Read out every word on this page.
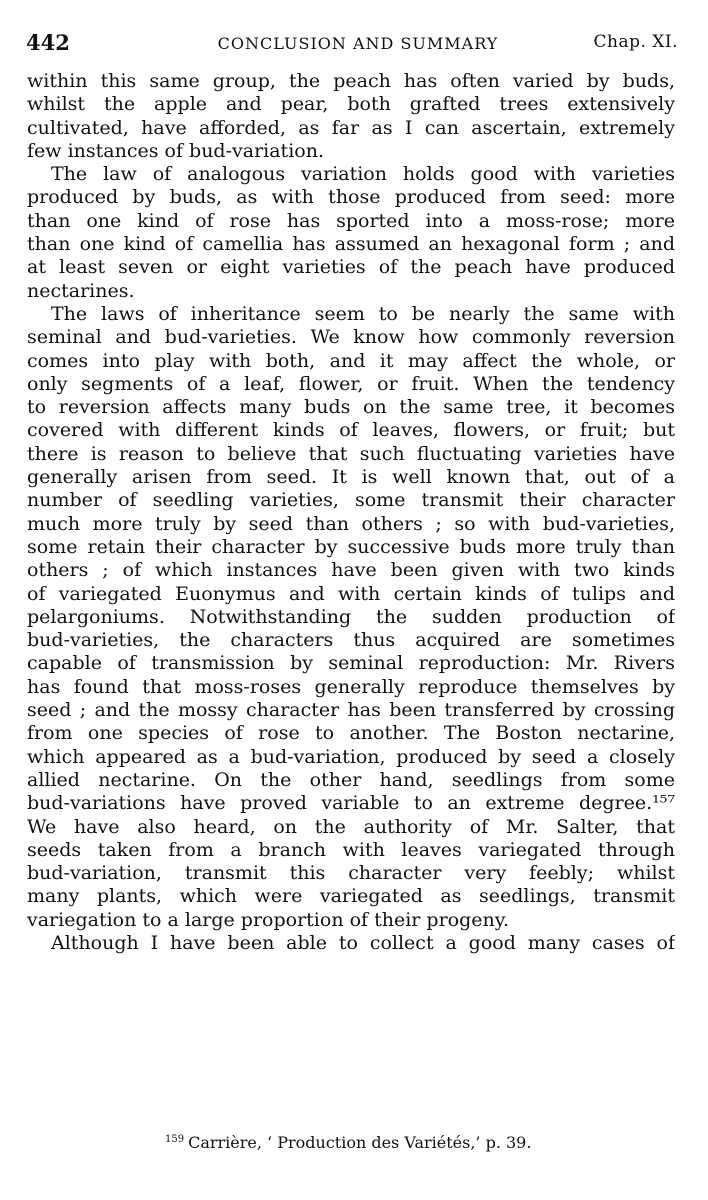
442	CONCLUSION AND SUMMARY	Chap. XI.
within this same group, the peach has often varied by buds,
whilst the apple and pear, both grafted trees extensively
cultivated, have afforded, as far as I can ascertain, extremely
few instances of bud-variation.
The law of analogous variation holds good with varieties
produced by buds, as with those produced from seed: more
than one kind of rose has sported into a moss-rose; more
than one kind of camellia has assumed an hexagonal form ; and
at least seven or eight varieties of the peach have produced
nectarines.
The laws of inheritance seem to be nearly the same with
seminal and bud-varieties. We know how commonly reversion
comes into play with both, and it may affect the whole, or
only segments of a leaf, flower, or fruit. When the tendency
to reversion affects many buds on the same tree, it becomes
covered with different kinds of leaves, flowers, or fruit; but
there is reason to believe that such fluctuating varieties have
generally arisen from seed. It is well known that, out of a
number of seedling varieties, some transmit their character
much more truly by seed than others ; so with bud-varieties,
some retain their character by successive buds more truly than
others ; of which instances have been given with two kinds
of variegated Euonymus and with certain kinds of tulips and
pelargoniums. Notwithstanding the sudden production of
bud-varieties, the characters thus acquired are sometimes
capable of transmission by seminal reproduction: Mr. Rivers
has found that moss-roses generally reproduce themselves by
seed ; and the mossy character has been transferred by crossing
from one species of rose to another. The Boston nectarine,
which appeared as a bud-variation, produced by seed a closely
allied nectarine. On the other hand, seedlings from some
bud-variations have proved variable to an extreme degree.¹⁵⁷
We have also heard, on the authority of Mr. Salter, that
seeds taken from a branch with leaves variegated through
bud-variation, transmit this character very feebly; whilst
many plants, which were variegated as seedlings, transmit
variegation to a large proportion of their progeny.
Although I have been able to collect a good many cases of
$^{159}$ Carrière, ‘ Production des Variétés,’ p. 39.
